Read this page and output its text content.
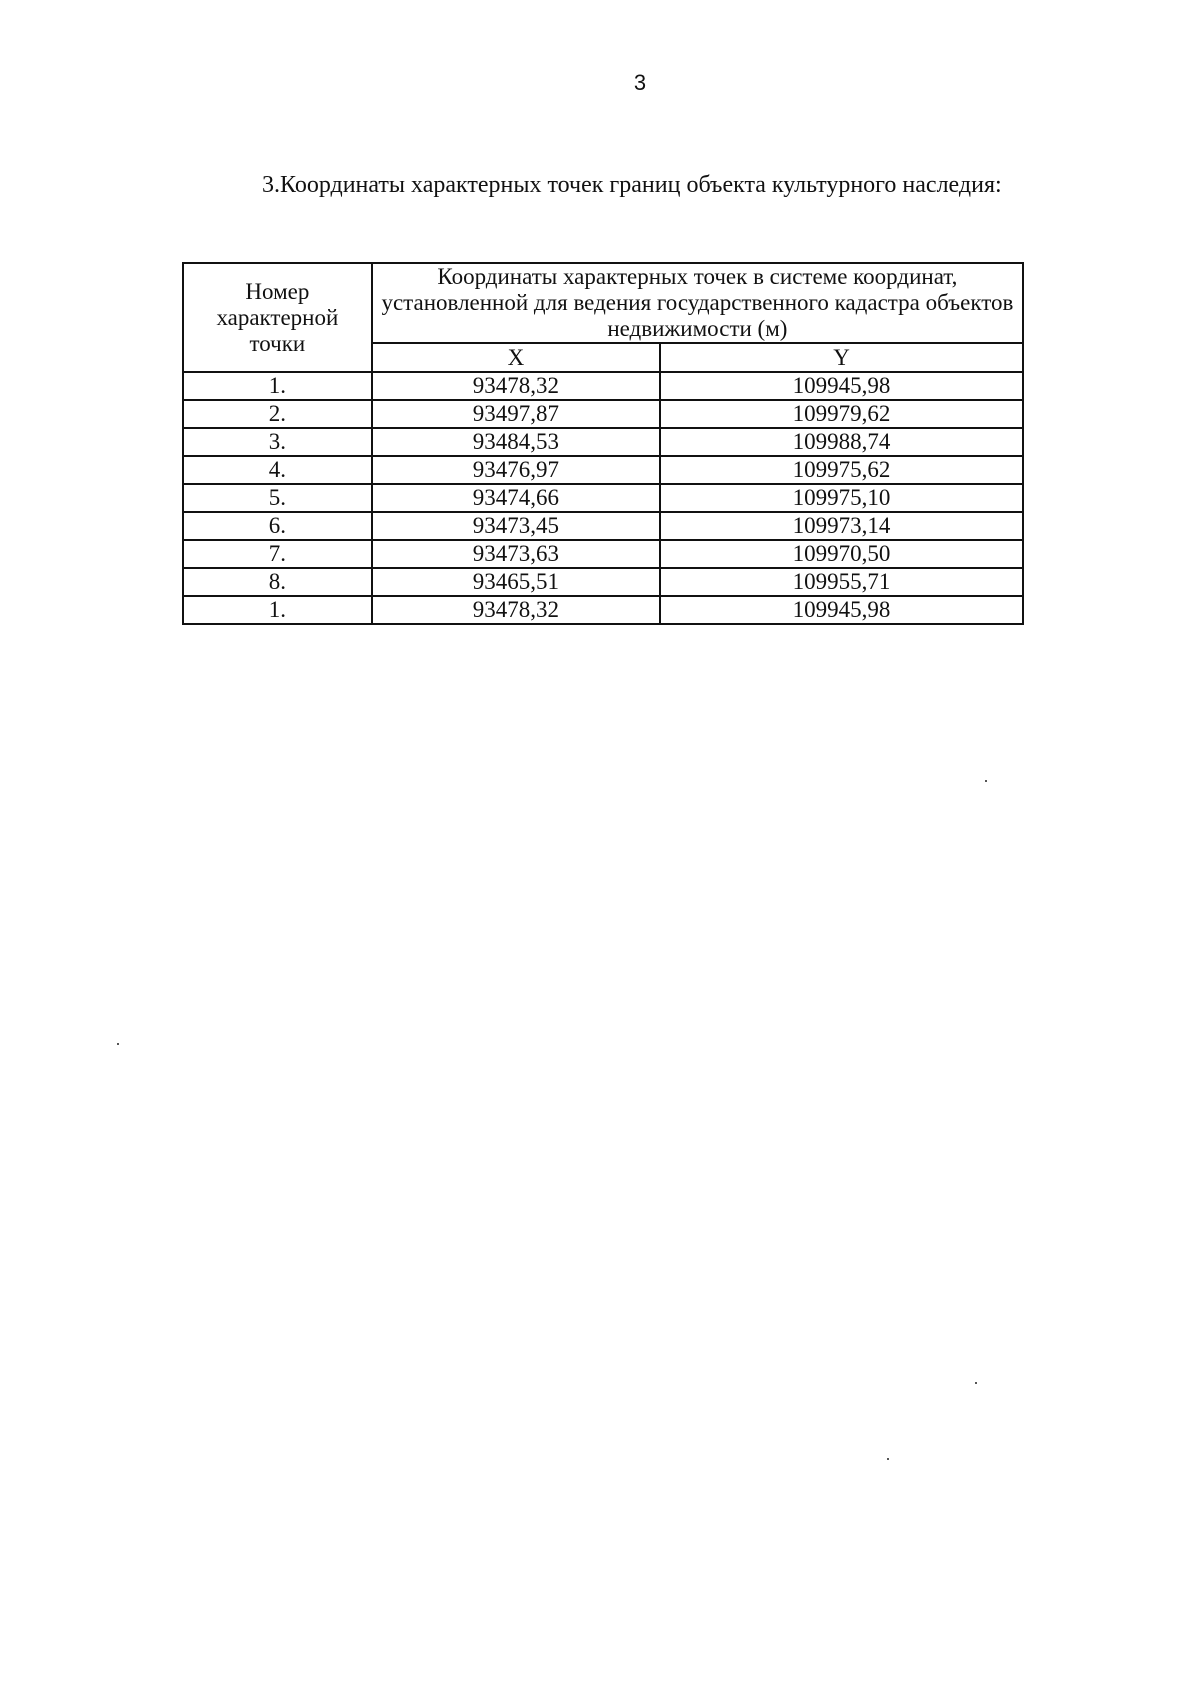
3
3.Координаты характерных точек границ объекта культурного наследия:
Номер характерной точки	Координаты характерных точек в системе координат, установленной для ведения государственного кадастра объектов недвижимости (м)	
	X	Y
1.	93478,32	109945,98
2.	93497,87	109979,62
3.	93484,53	109988,74
4.	93476,97	109975,62
5.	93474,66	109975,10
6.	93473,45	109973,14
7.	93473,63	109970,50
8.	93465,51	109955,71
1.	93478,32	109945,98
